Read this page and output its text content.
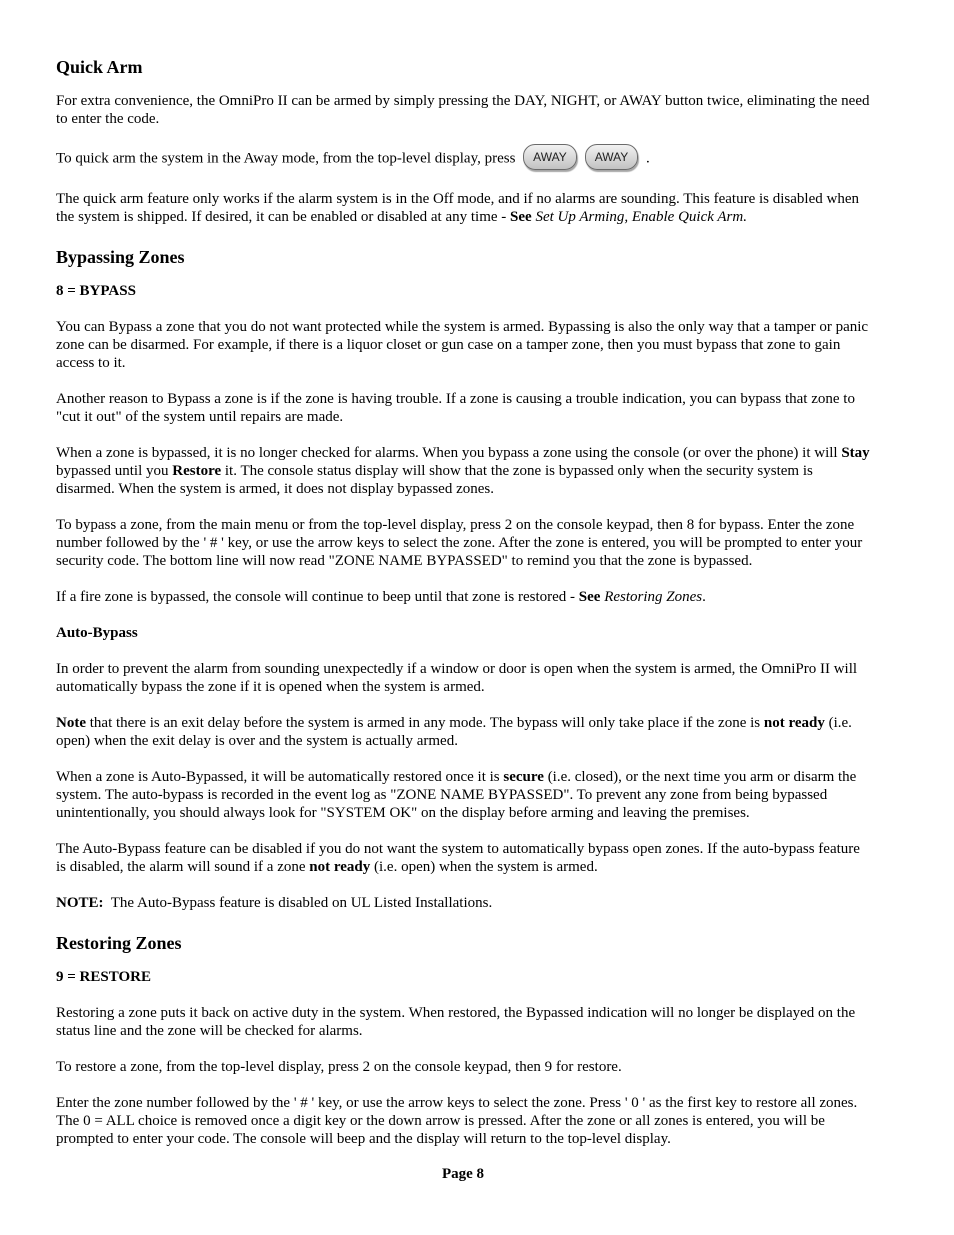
Quick Arm

For extra convenience, the OmniPro II can be armed by simply pressing the DAY, NIGHT, or AWAY button twice, eliminating the need to enter the code.

To quick arm the system in the Away mode, from the top-level display, press AWAY AWAY .

The quick arm feature only works if the alarm system is in the Off mode, and if no alarms are sounding. This feature is disabled when the system is shipped. If desired, it can be enabled or disabled at any time - See Set Up Arming, Enable Quick Arm.

Bypassing Zones
8 = BYPASS

You can Bypass a zone that you do not want protected while the system is armed. Bypassing is also the only way that a tamper or panic zone can be disarmed. For example, if there is a liquor closet or gun case on a tamper zone, then you must bypass that zone to gain access to it.

Another reason to Bypass a zone is if the zone is having trouble. If a zone is causing a trouble indication, you can bypass that zone to "cut it out" of the system until repairs are made.

When a zone is bypassed, it is no longer checked for alarms. When you bypass a zone using the console (or over the phone) it will Stay bypassed until you Restore it. The console status display will show that the zone is bypassed only when the security system is disarmed. When the system is armed, it does not display bypassed zones.

To bypass a zone, from the main menu or from the top-level display, press 2 on the console keypad, then 8 for bypass. Enter the zone number followed by the ' # ' key, or use the arrow keys to select the zone. After the zone is entered, you will be prompted to enter your security code. The bottom line will now read "ZONE NAME BYPASSED" to remind you that the zone is bypassed.

If a fire zone is bypassed, the console will continue to beep until that zone is restored - See Restoring Zones.

Auto-Bypass

In order to prevent the alarm from sounding unexpectedly if a window or door is open when the system is armed, the OmniPro II will automatically bypass the zone if it is opened when the system is armed.

Note that there is an exit delay before the system is armed in any mode. The bypass will only take place if the zone is not ready (i.e. open) when the exit delay is over and the system is actually armed.

When a zone is Auto-Bypassed, it will be automatically restored once it is secure (i.e. closed), or the next time you arm or disarm the system. The auto-bypass is recorded in the event log as "ZONE NAME BYPASSED". To prevent any zone from being bypassed unintentionally, you should always look for "SYSTEM OK" on the display before arming and leaving the premises.

The Auto-Bypass feature can be disabled if you do not want the system to automatically bypass open zones. If the auto-bypass feature is disabled, the alarm will sound if a zone not ready (i.e. open) when the system is armed.

NOTE:  The Auto-Bypass feature is disabled on UL Listed Installations.

Restoring Zones
9 = RESTORE

Restoring a zone puts it back on active duty in the system. When restored, the Bypassed indication will no longer be displayed on the status line and the zone will be checked for alarms.

To restore a zone, from the top-level display, press 2 on the console keypad, then 9 for restore.

Enter the zone number followed by the ' # ' key, or use the arrow keys to select the zone. Press ' 0 ' as the first key to restore all zones. The 0 = ALL choice is removed once a digit key or the down arrow is pressed. After the zone or all zones is entered, you will be prompted to enter your code. The console will beep and the display will return to the top-level display.

Page 8
